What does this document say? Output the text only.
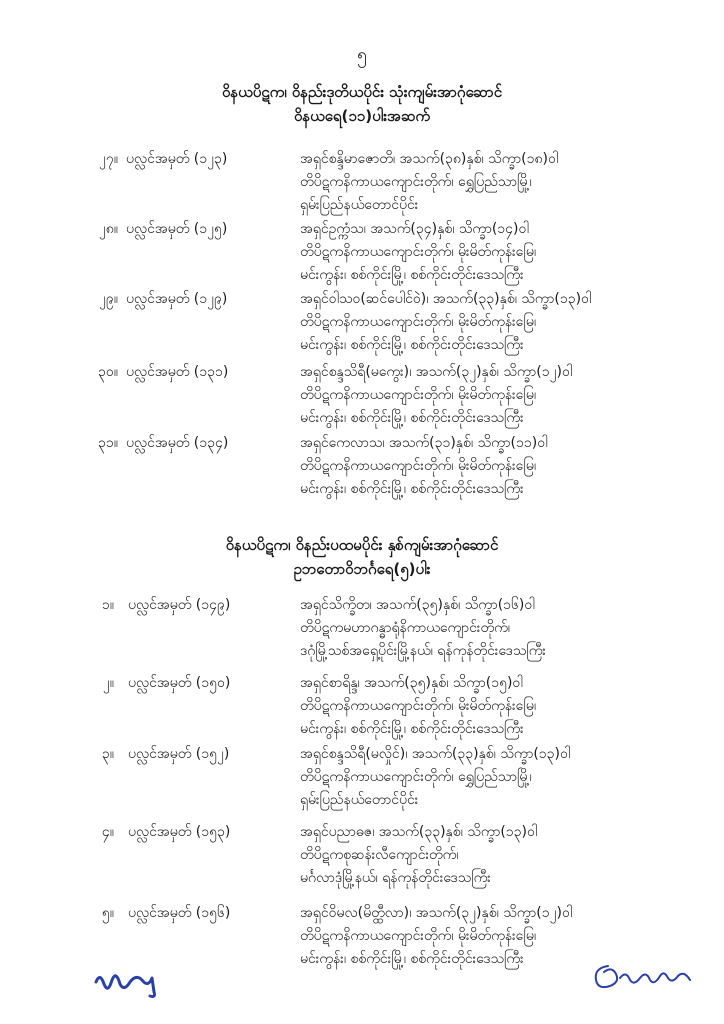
၅
ဝိနယပိဋက၊ ဝိနည်းဒုတိယပိုင်း သုံးကျမ်းအာဂုံဆောင်
ဝိနယရေ(၁၁)ပါးအဆက်
၂၇။ ပလ္လင်အမှတ် (၁၂၃)	အရှင်စန္ဒိမာဇောတိ၊ အသက်(၃၈)နှစ်၊ သိက္ခာ(၁၈)ဝါ
တိပိဋကနိကာယကျောင်းတိုက်၊ ရွှေပြည်သာမြို့၊
ရှမ်းပြည်နယ်တောင်ပိုင်း
၂၈။ ပလ္လင်အမှတ် (၁၂၅)	အရှင်ဥက္ကံသ၊ အသက်(၃၄)နှစ်၊ သိက္ခာ(၁၄)ဝါ
တိပိဋကနိကာယကျောင်းတိုက်၊ မိုးမိတ်ကုန်းမြေ၊
မင်းကွန်း၊ စစ်ကိုင်းမြို့၊ စစ်ကိုင်းတိုင်းဒေသကြီး
၂၉။ ပလ္လင်အမှတ် (၁၂၉)	အရှင်ဝါသဝ(ဆင်ပေါင်ဝဲ)၊ အသက်(၃၃)နှစ်၊ သိက္ခာ(၁၃)ဝါ
တိပိဋကနိကာယကျောင်းတိုက်၊ မိုးမိတ်ကုန်းမြေ၊
မင်းကွန်း၊ စစ်ကိုင်းမြို့၊ စစ်ကိုင်းတိုင်းဒေသကြီး
၃၀။ ပလ္လင်အမှတ် (၁၃၁)	အရှင်စန္ဒသိရီ(မကွေး)၊ အသက်(၃၂)နှစ်၊ သိက္ခာ(၁၂)ဝါ
တိပိဋကနိကာယကျောင်းတိုက်၊ မိုးမိတ်ကုန်းမြေ၊
မင်းကွန်း၊ စစ်ကိုင်းမြို့၊ စစ်ကိုင်းတိုင်းဒေသကြီး
၃၁။ ပလ္လင်အမှတ် (၁၃၄)	အရှင်ကေလာသ၊ အသက်(၃၁)နှစ်၊ သိက္ခာ(၁၁)ဝါ
တိပိဋကနိကာယကျောင်းတိုက်၊ မိုးမိတ်ကုန်းမြေ၊
မင်းကွန်း၊ စစ်ကိုင်းမြို့၊ စစ်ကိုင်းတိုင်းဒေသကြီး
ဝိနယပိဋက၊ ဝိနည်းပထမပိုင်း နှစ်ကျမ်းအာဂုံဆောင်
ဥဘတောဝိဘင်္ဂရေ(၅)ပါး
၁။ ပလ္လင်အမှတ် (၁၄၉)	အရှင်သိက္ခိတ၊ အသက်(၃၅)နှစ်၊ သိက္ခာ(၁၆)ဝါ
တိပိဋကမဟာဂန္ဓာရုံနိကာယကျောင်းတိုက်၊
ဒဂုံမြို့သစ်အရှေ့ပိုင်းမြို့နယ်၊ ရန်ကုန်တိုင်းဒေသကြီး
၂။ ပလ္လင်အမှတ် (၁၅၀)	အရှင်စာရိန္ဒ၊ အသက်(၃၅)နှစ်၊ သိက္ခာ(၁၅)ဝါ
တိပိဋကနိကာယကျောင်းတိုက်၊ မိုးမိတ်ကုန်းမြေ၊
မင်းကွန်း၊ စစ်ကိုင်းမြို့၊ စစ်ကိုင်းတိုင်းဒေသကြီး
၃။ ပလ္လင်အမှတ် (၁၅၂)	အရှင်စန္ဒသိရီ(မလှိုင်)၊ အသက်(၃၃)နှစ်၊ သိက္ခာ(၁၃)ဝါ
တိပိဋကနိကာယကျောင်းတိုက်၊ ရွှေပြည်သာမြို့၊
ရှမ်းပြည်နယ်တောင်ပိုင်း
၄။ ပလ္လင်အမှတ် (၁၅၃)	အရှင်ပညာဓဇ၊ အသက်(၃၃)နှစ်၊ သိက္ခာ(၁၃)ဝါ
တိပိဋကစုဆန်းလီကျောင်းတိုက်၊
မင်္ဂလာဒုံမြို့နယ်၊ ရန်ကုန်တိုင်းဒေသကြီး
၅။ ပလ္လင်အမှတ် (၁၅၆)	အရှင်ဝိမလ(မိတ္ထီလာ)၊ အသက်(၃၂)နှစ်၊ သိက္ခာ(၁၂)ဝါ
တိပိဋကနိကာယကျောင်းတိုက်၊ မိုးမိတ်ကုန်းမြေ၊
မင်းကွန်း၊ စစ်ကိုင်းမြို့၊ စစ်ကိုင်းတိုင်းဒေသကြီး
